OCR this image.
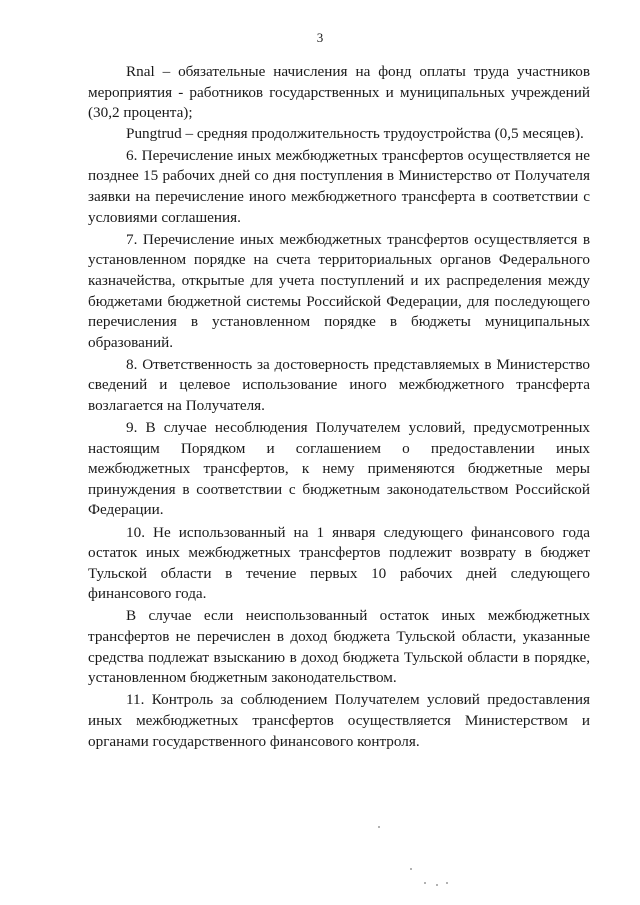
3

Rnal – обязательные начисления на фонд оплаты труда участников мероприятия - работников государственных и муниципальных учреждений (30,2 процента);

Pungtrud – средняя продолжительность трудоустройства (0,5 месяцев).

6. Перечисление иных межбюджетных трансфертов осуществляется не позднее 15 рабочих дней со дня поступления в Министерство от Получателя заявки на перечисление иного межбюджетного трансферта в соответствии с условиями соглашения.

7. Перечисление иных межбюджетных трансфертов осуществляется в установленном порядке на счета территориальных органов Федерального казначейства, открытые для учета поступлений и их распределения между бюджетами бюджетной системы Российской Федерации, для последующего перечисления в установленном порядке в бюджеты муниципальных образований.

8. Ответственность за достоверность представляемых в Министерство сведений и целевое использование иного межбюджетного трансферта возлагается на Получателя.

9. В случае несоблюдения Получателем условий, предусмотренных настоящим Порядком и соглашением о предоставлении иных межбюджетных трансфертов, к нему применяются бюджетные меры принуждения в соответствии с бюджетным законодательством Российской Федерации.

10. Не использованный на 1 января следующего финансового года остаток иных межбюджетных трансфертов подлежит возврату в бюджет Тульской области в течение первых 10 рабочих дней следующего финансового года.

В случае если неиспользованный остаток иных межбюджетных трансфертов не перечислен в доход бюджета Тульской области, указанные средства подлежат взысканию в доход бюджета Тульской области в порядке, установленном бюджетным законодательством.

11. Контроль за соблюдением Получателем условий предоставления иных межбюджетных трансфертов осуществляется Министерством и органами государственного финансового контроля.
